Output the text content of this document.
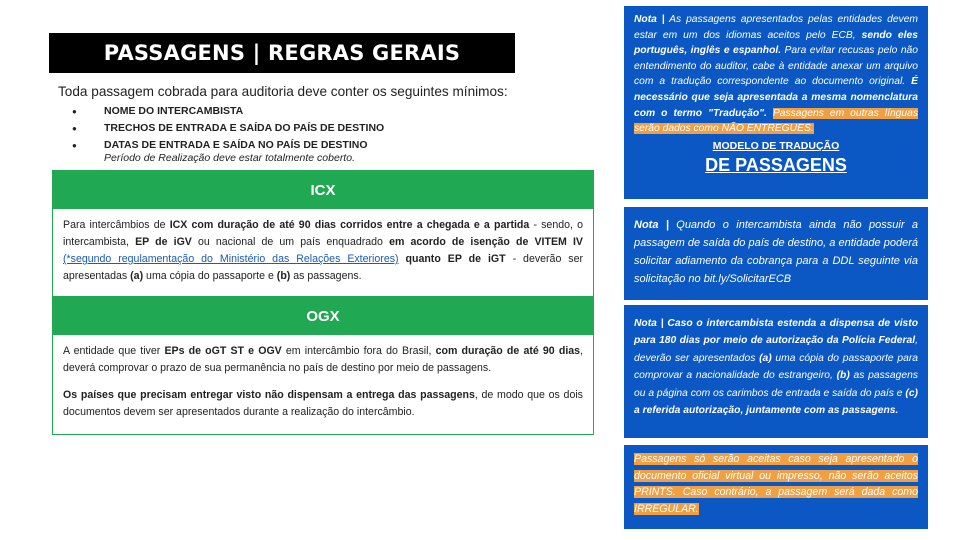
PASSAGENS | REGRAS GERAIS
Toda passagem cobrada para auditoria deve conter os seguintes mínimos:
● NOME DO INTERCAMBISTA
● TRECHOS DE ENTRADA E SAÍDA DO PAÍS DE DESTINO
● DATAS DE ENTRADA E SAÍDA NO PAÍS DE DESTINO
Período de Realização deve estar totalmente coberto.
ICX
Para intercâmbios de ICX com duração de até 90 dias corridos entre a chegada e a partida - sendo, o intercambista, EP de iGV ou nacional de um país enquadrado em acordo de isenção de VITEM IV (*segundo regulamentação do Ministério das Relações Exteriores) quanto EP de iGT - deverão ser apresentadas (a) uma cópia do passaporte e (b) as passagens.
OGX

A entidade que tiver EPs de oGT ST e OGV em intercâmbio fora do Brasil, com duração de até 90 dias, deverá comprovar o prazo de sua permanência no país de destino por meio de passagens.

Os países que precisam entregar visto não dispensam a entrega das passagens, de modo que os dois documentos devem ser apresentados durante a realização do intercâmbio.

Nota | As passagens apresentados pelas entidades devem estar em um dos idiomas aceitos pelo ECB, sendo eles português, inglês e espanhol. Para evitar recusas pelo não entendimento do auditor, cabe à entidade anexar um arquivo com a tradução correspondente ao documento original. É necessário que seja apresentada a mesma nomenclatura com o termo "Tradução". Passagens em outras línguas serão dados como NÃO ENTREGUES.
MODELO DE TRADUÇÃO
DE PASSAGENS
Nota | Quando o intercambista ainda não possuir a passagem de saída do país de destino, a entidade poderá solicitar adiamento da cobrança para a DDL seguinte via solicitação no bit.ly/SolicitarECB
Nota | Caso o intercambista estenda a dispensa de visto para 180 dias por meio de autorização da Polícia Federal, deverão ser apresentados (a) uma cópia do passaporte para comprovar a nacionalidade do estrangeiro, (b) as passagens ou a página com os carimbos de entrada e saída do país e (c) a referida autorização, juntamente com as passagens.
Passagens só serão aceitas caso seja apresentado o documento oficial virtual ou impresso, não serão aceitos PRINTS. Caso contrário, a passagem será dada como IRREGULAR.
